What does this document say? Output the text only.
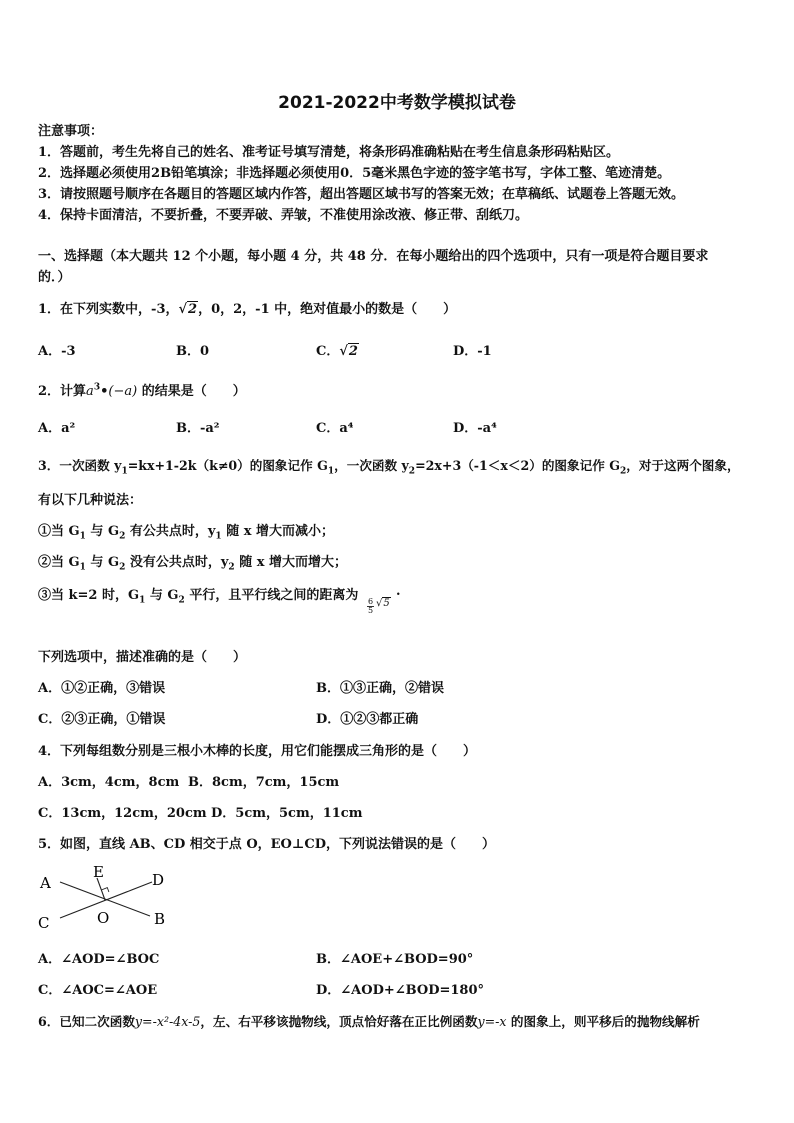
2021-2022中考数学模拟试卷
注意事项：
1．答题前，考生先将自己的姓名、准考证号填写清楚，将条形码准确粘贴在考生信息条形码粘贴区。
2．选择题必须使用2B铅笔填涂；非选择题必须使用0．5毫米黑色字迹的签字笔书写，字体工整、笔迹清楚。
3．请按照题号顺序在各题目的答题区域内作答，超出答题区域书写的答案无效；在草稿纸、试题卷上答题无效。
4．保持卡面清洁，不要折叠，不要弄破、弄皱，不准使用涂改液、修正带、刮纸刀。
一、选择题（本大题共 12 个小题，每小题 4 分，共 48 分．在每小题给出的四个选项中，只有一项是符合题目要求
的．）
1．在下列实数中，-3，√2，0，2，-1 中，绝对值最小的数是（　　）
A．-3	B．0	C．√2	D．-1
2．计算$a^3•(-a)$ 的结果是（　　）
A．a²	B．-a²	C．a⁴	D．-a⁴
3．一次函数 $y_1=kx+1-2k(k\ne 0)$的图象记作 $G_1$，一次函数 $y_2=2x+3(-1<x<2)$的图象记作 $G_2$，对于这两个图象，
有以下几种说法：
①当 $G_1$ 与 $G_2$ 有公共点时，$y_1$ 随 x 增大而减小；
②当 $G_1$ 与 $G_2$ 没有公共点时，$y_2$ 随 x 增大而增大；
③当 k=2 时，$G_1$ 与 $G_2$ 平行，且平行线之间的距离为 6
5
√5
.
下列选项中，描述准确的是（　　）
A．①②正确，③错误	B．①③正确，②错误
C．②③正确，①错误	D．①②③都正确
4．下列每组数分别是三根小木棒的长度，用它们能摆成三角形的是（　　）
A．3cm，4cm，8cm B．8cm，7cm，15cm
C．13cm，12cm，20cm D．5cm，5cm，11cm
5．如图，直线 AB、CD 相交于点 O，EO⊥CD，下列说法错误的是（　　）
A
B
C
D
E
O
A．∠AOD=∠BOC	B．∠AOE+∠BOD=90°
C．∠AOC=∠AOE	D．∠AOD+∠BOD=180°
6．已知二次函数y=-x²-4x-5，左、右平移该抛物线，顶点恰好落在正比例函数y=-x 的图象上，则平移后的抛物线解析
